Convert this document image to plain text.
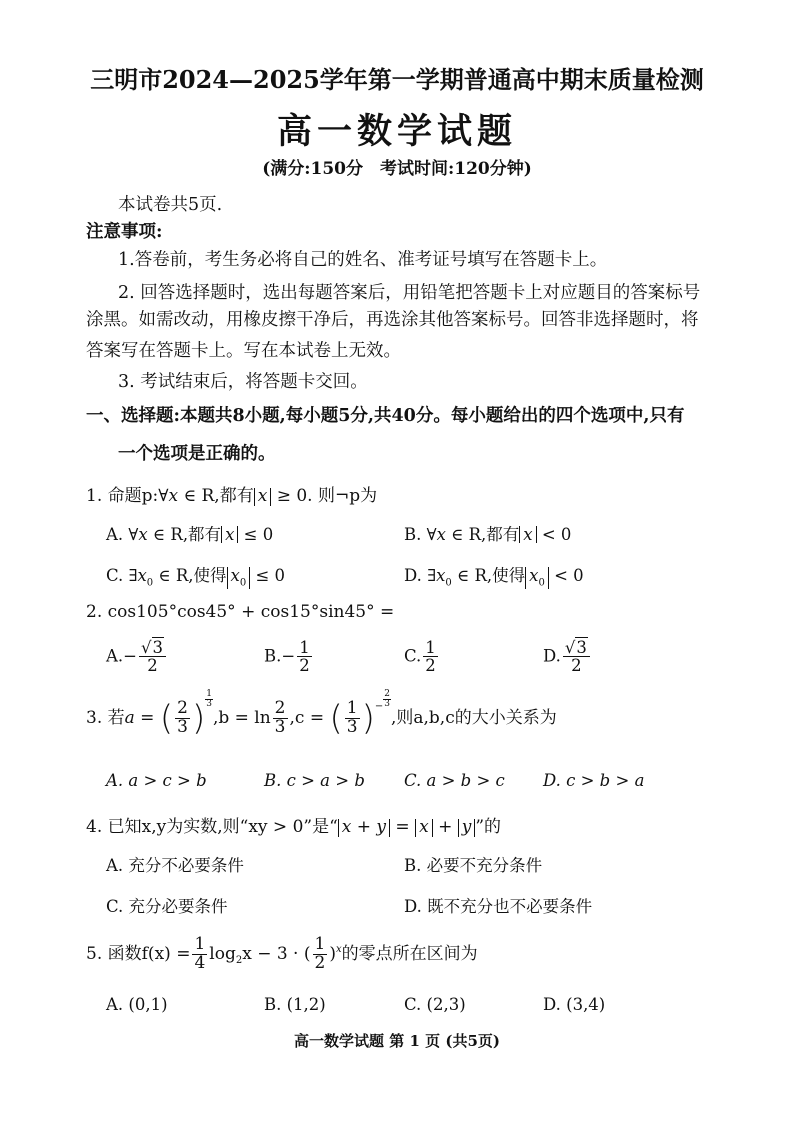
三明市2024—2025学年第一学期普通高中期末质量检测
高一数学试题
(满分:150分　考试时间:120分钟)
本试卷共5页.
注意事项:
1.答卷前，考生务必将自己的姓名、准考证号填写在答题卡上。
2. 回答选择题时，选出每题答案后，用铅笔把答题卡上对应题目的答案标号
涂黑。如需改动，用橡皮擦干净后，再选涂其他答案标号。回答非选择题时，将
答案写在答题卡上。写在本试卷上无效。
3. 考试结束后，将答题卡交回。
一、选择题:本题共8小题,每小题5分,共40分。每小题给出的四个选项中,只有
一个选项是正确的。
1. 命题p:∀x ∈ R,都有 x ≥ 0. 则¬p为
A. ∀x ∈ R,都有 x ≤ 0	B. ∀x ∈ R,都有 x < 0
C. $\exists x_0$ ∈ R,使得 $x_0 \le 0$	D. $\exists x_0$ ∈ R,使得 $x_0 < 0$
2. cos105°cos45° + cos15°sin45° =
$A.- \frac{√3}{2}$	$B.- \frac{1}{2}$	C. $\frac{1}{2}$	D. $\frac{√3}{2}$
3. 若a = ( $\frac{2}{3}$ ) $\frac{1}{3}$
$,b = \ln \frac{2}{3} ,c$ = ( $\frac{1}{3} )^- \frac{2}{3}$
,则a,b,c的大小关系为
A. a > c > b	B. c > a > b C. a > b > c D. c > b > a
4. 已知x,y为实数,则“xy > 0”是“ x + y = x + y ”的
A. 充分不必要条件	B. 必要不充分条件
C. 充分必要条件	D. 既不充分也不必要条件
5. 函数$f(x) = \frac{1}{4} \log_2x - 3$ · ( $\frac{1}{2} )^x$的零点所在区间为
A. (0,1)	B. (1,2)	C. (2,3)	D. (3,4)
高一数学试题 第 1 页 (共5页)
